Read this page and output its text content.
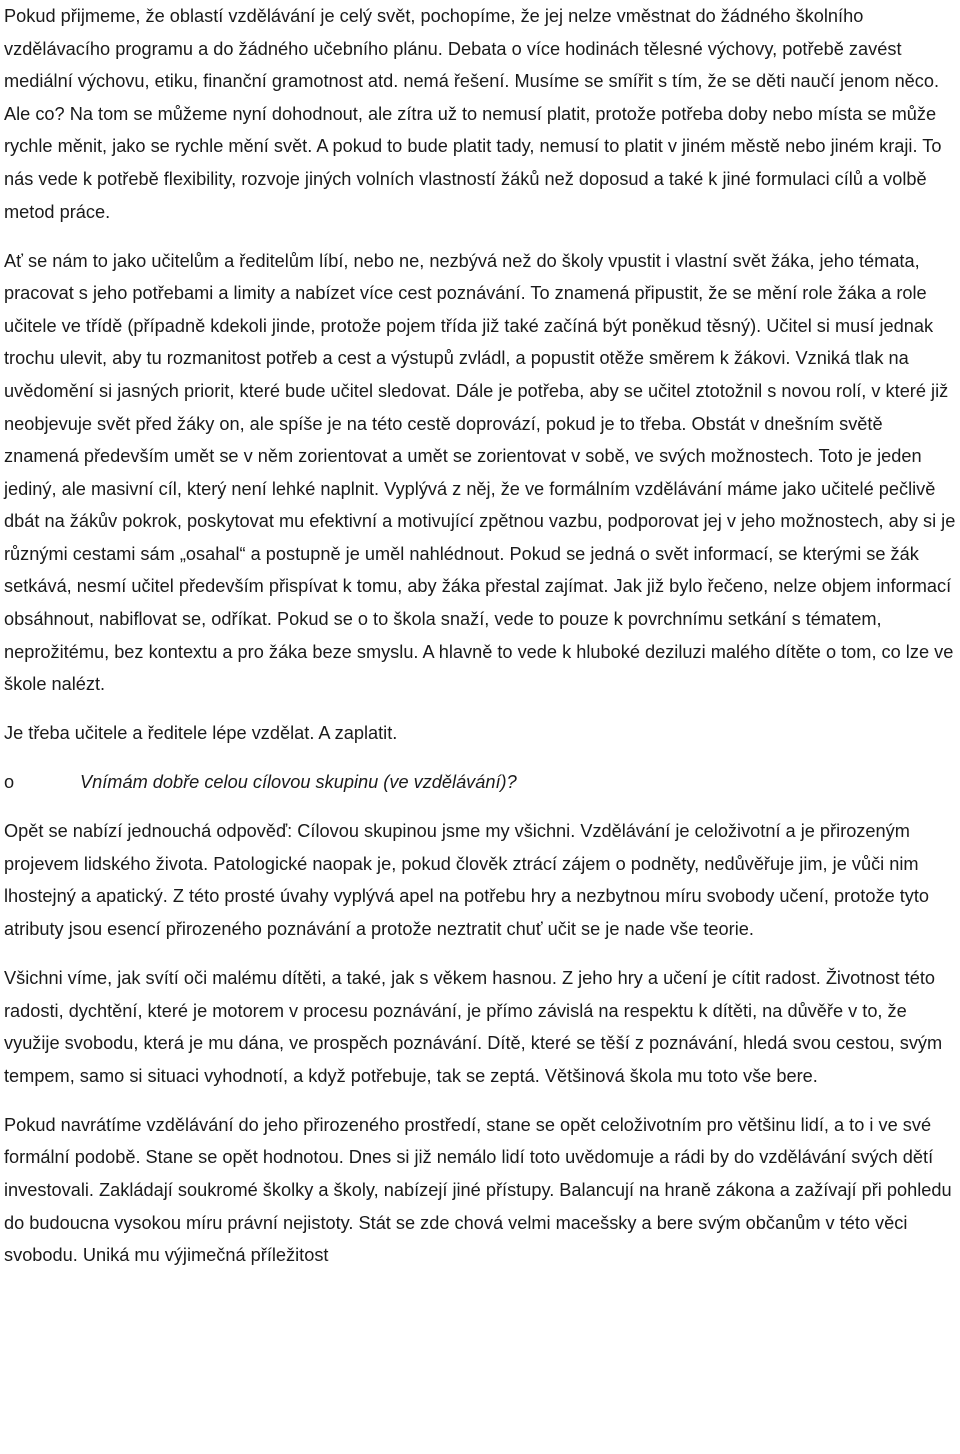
Pokud přijmeme, že oblastí vzdělávání je celý svět, pochopíme, že jej nelze vměstnat do žádného školního vzdělávacího programu a do žádného učebního plánu. Debata o více hodinách tělesné výchovy, potřebě zavést mediální výchovu, etiku, finanční gramotnost atd. nemá řešení. Musíme se smířit s tím, že se děti naučí jenom něco. Ale co? Na tom se můžeme nyní dohodnout, ale zítra už to nemusí platit, protože potřeba doby nebo místa se může rychle měnit, jako se rychle mění svět. A pokud to bude platit tady, nemusí to platit v jiném městě nebo jiném kraji. To nás vede k potřebě flexibility, rozvoje jiných volních vlastností žáků než doposud a také k jiné formulaci cílů a volbě metod práce.

Ať se nám to jako učitelům a ředitelům líbí, nebo ne, nezbývá než do školy vpustit i vlastní svět žáka, jeho témata, pracovat s jeho potřebami a limity a nabízet více cest poznávání. To znamená připustit, že se mění role žáka a role učitele ve třídě (případně kdekoli jinde, protože pojem třída již také začíná být poněkud těsný). Učitel si musí jednak trochu ulevit, aby tu rozmanitost potřeb a cest a výstupů zvládl, a popustit otěže směrem k žákovi. Vzniká tlak na uvědomění si jasných priorit, které bude učitel sledovat. Dále je potřeba, aby se učitel ztotožnil s novou rolí, v které již neobjevuje svět před žáky on, ale spíše je na této cestě doprovází, pokud je to třeba. Obstát v dnešním světě znamená především umět se v něm zorientovat a umět se zorientovat v sobě, ve svých možnostech. Toto je jeden jediný, ale masivní cíl, který není lehké naplnit. Vyplývá z něj, že ve formálním vzdělávání máme jako učitelé pečlivě dbát na žákův pokrok, poskytovat mu efektivní a motivující zpětnou vazbu, podporovat jej v jeho možnostech, aby si je různými cestami sám „osahal“ a postupně je uměl nahlédnout. Pokud se jedná o svět informací, se kterými se žák setkává, nesmí učitel především přispívat k tomu, aby žáka přestal zajímat. Jak již bylo řečeno, nelze objem informací obsáhnout, nabiflovat se, odříkat. Pokud se o to škola snaží, vede to pouze k povrchnímu setkání s tématem, neprožitému, bez kontextu a pro žáka beze smyslu. A hlavně to vede k hluboké deziluzi malého dítěte o tom, co lze ve škole nalézt.

Je třeba učitele a ředitele lépe vzdělat. A zaplatit.

o	Vnímám dobře celou cílovou skupinu (ve vzdělávání)?

Opět se nabízí jednouchá odpověď: Cílovou skupinou jsme my všichni. Vzdělávání je celoživotní a je přirozeným projevem lidského života. Patologické naopak je, pokud člověk ztrácí zájem o podněty, nedůvěřuje jim, je vůči nim lhostejný a apatický. Z této prosté úvahy vyplývá apel na potřebu hry a nezbytnou míru svobody učení, protože tyto atributy jsou esencí přirozeného poznávání a protože neztratit chuť učit se je nade vše teorie.

Všichni víme, jak svítí oči malému dítěti, a také, jak s věkem hasnou. Z jeho hry a učení je cítit radost. Životnost této radosti, dychtění, které je motorem v procesu poznávání, je přímo závislá na respektu k dítěti, na důvěře v to, že využije svobodu, která je mu dána, ve prospěch poznávání. Dítě, které se těší z poznávání, hledá svou cestou, svým tempem, samo si situaci vyhodnotí, a když potřebuje, tak se zeptá. Většinová škola mu toto vše bere.

Pokud navrátíme vzdělávání do jeho přirozeného prostředí, stane se opět celoživotním pro většinu lidí, a to i ve své formální podobě. Stane se opět hodnotou. Dnes si již nemálo lidí toto uvědomuje a rádi by do vzdělávání svých dětí investovali. Zakládají soukromé školky a školy, nabízejí jiné přístupy. Balancují na hraně zákona a zažívají při pohledu do budoucna vysokou míru právní nejistoty. Stát se zde chová velmi macešsky a bere svým občanům v této věci svobodu. Uniká mu výjimečná příležitost
